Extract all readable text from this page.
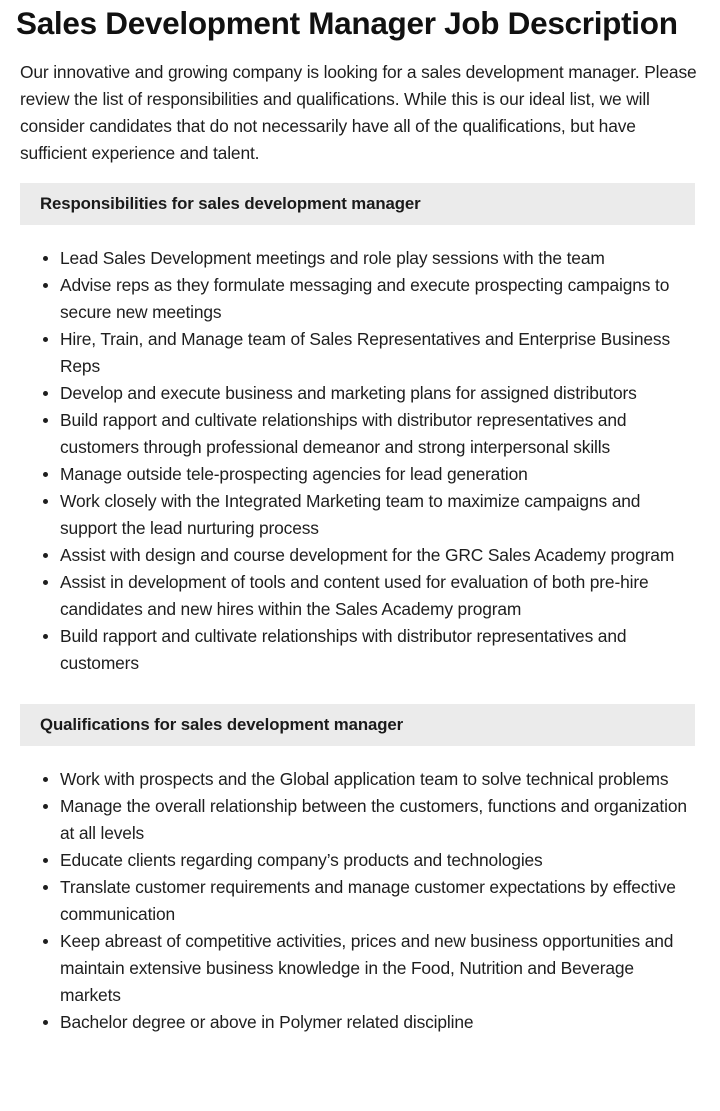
Sales Development Manager Job Description

Our innovative and growing company is looking for a sales development manager. Please review the list of responsibilities and qualifications. While this is our ideal list, we will consider candidates that do not necessarily have all of the qualifications, but have sufficient experience and talent.

Responsibilities for sales development manager
Lead Sales Development meetings and role play sessions with the team
Advise reps as they formulate messaging and execute prospecting campaigns to secure new meetings
Hire, Train, and Manage team of Sales Representatives and Enterprise Business Reps
Develop and execute business and marketing plans for assigned distributors
Build rapport and cultivate relationships with distributor representatives and customers through professional demeanor and strong interpersonal skills
Manage outside tele-prospecting agencies for lead generation
Work closely with the Integrated Marketing team to maximize campaigns and support the lead nurturing process
Assist with design and course development for the GRC Sales Academy program
Assist in development of tools and content used for evaluation of both pre-hire candidates and new hires within the Sales Academy program
Build rapport and cultivate relationships with distributor representatives and customers
Qualifications for sales development manager
Work with prospects and the Global application team to solve technical problems
Manage the overall relationship between the customers, functions and organization at all levels
Educate clients regarding company’s products and technologies
Translate customer requirements and manage customer expectations by effective communication
Keep abreast of competitive activities, prices and new business opportunities and maintain extensive business knowledge in the Food, Nutrition and Beverage markets
Bachelor degree or above in Polymer related discipline
